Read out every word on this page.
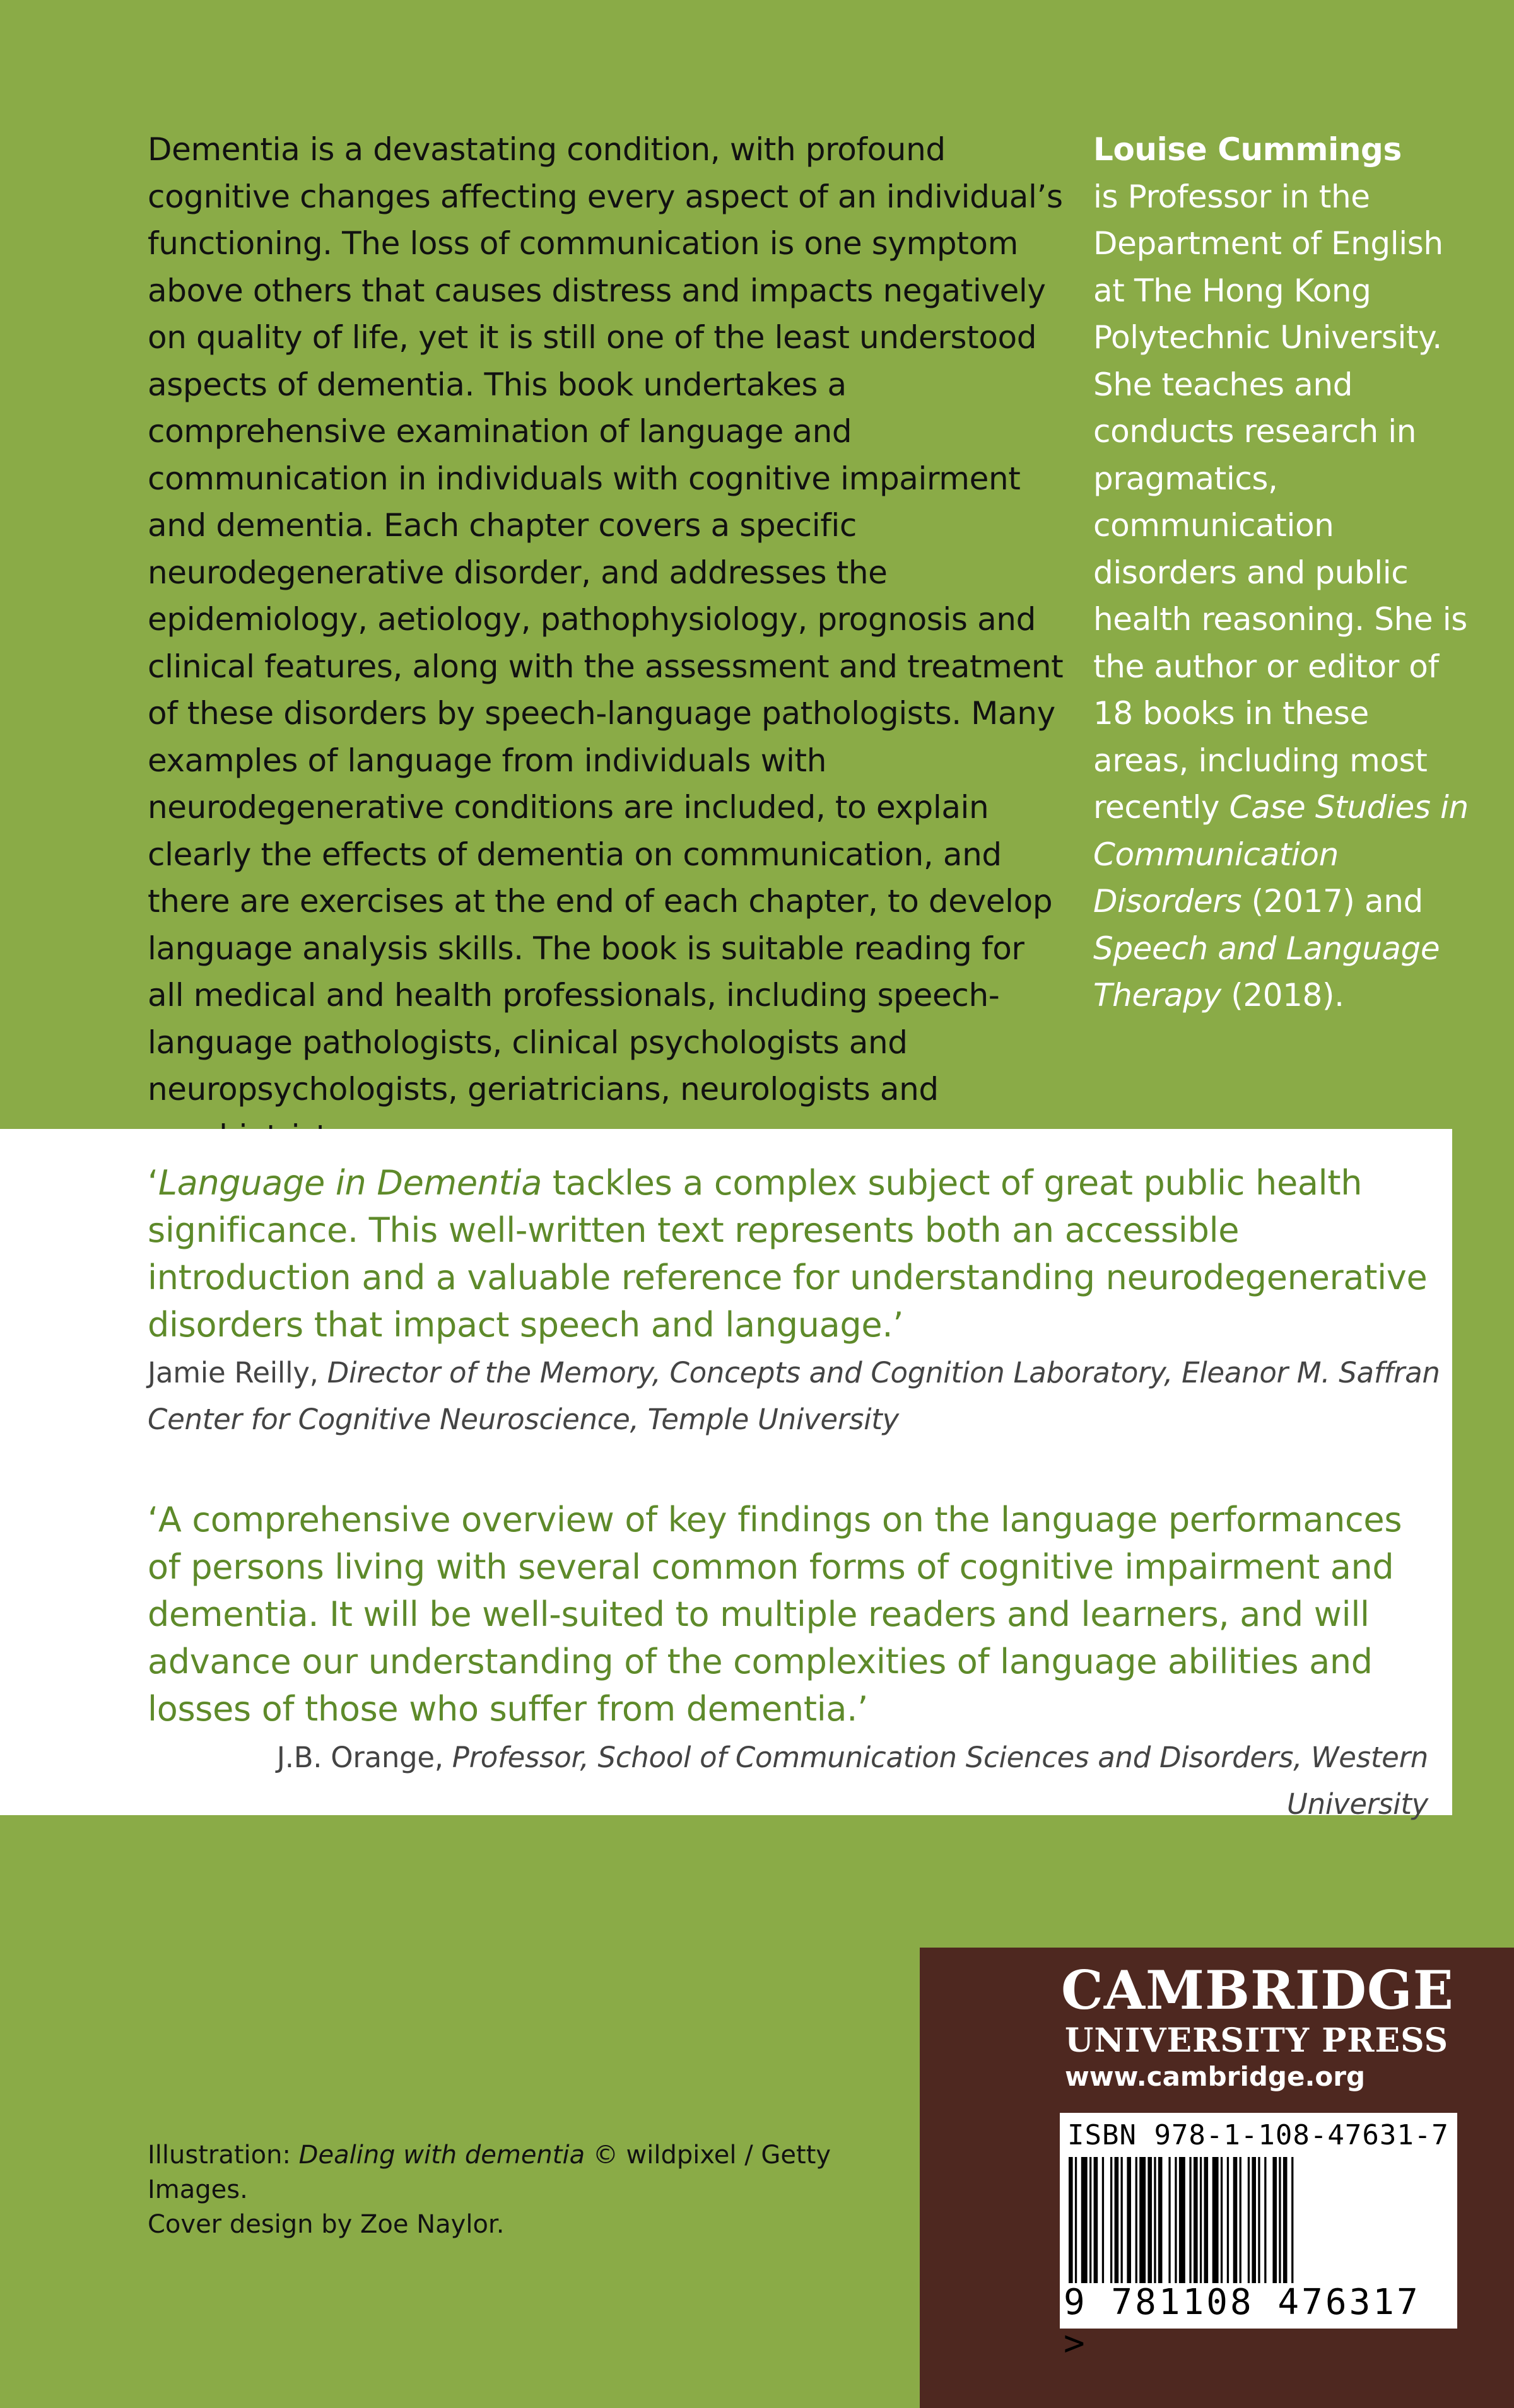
Dementia is a devastating condition, with profound cognitive changes affecting every aspect of an individual’s functioning. The loss of communication is one symptom above others that causes distress and impacts negatively on quality of life, yet it is still one of the least understood aspects of dementia. This book undertakes a comprehensive examination of language and communication in individuals with cognitive impairment and dementia. Each chapter covers a specific neurodegenerative disorder, and addresses the epidemiology, aetiology, pathophysiology, prognosis and clinical features, along with the assessment and treatment of these disorders by speech-language pathologists. Many examples of language from individuals with neurodegenerative conditions are included, to explain clearly the effects of dementia on communication, and there are exercises at the end of each chapter, to develop language analysis skills. The book is suitable reading for all medical and health professionals, including speech-language pathologists, clinical psychologists and neuropsychologists, geriatricians, neurologists and
Louise Cummings
is Professor in the Department of English at The Hong Kong Polytechnic University. She teaches and conducts research in pragmatics, communication disorders and public health reasoning. She is the author or editor of 18 books in these areas, including most recently Case Studies in Communication Disorders (2017) and Speech and Language Therapy (2018).
‘Language in Dementia tackles a complex subject of great public health significance. This well-written text represents both an accessible introduction and a valuable reference for understanding neurodegenerative disorders that impact speech and language.’
Jamie Reilly, Director of the Memory, Concepts and Cognition Laboratory, Eleanor M. Saffran Center for Cognitive Neuroscience, Temple University
‘A comprehensive overview of key findings on the language performances of persons living with several common forms of cognitive impairment and dementia. It will be well-suited to multiple readers and learners, and will advance our understanding of the complexities of language abilities and losses of those who suffer from dementia.’
J.B. Orange, Professor, School of Communication Sciences and Disorders, Western University
Illustration: Dealing with dementia © wildpixel / Getty Images.
Cover design by Zoe Naylor.
CAMBRIDGE
UNIVERSITY PRESS
www.cambridge.org
ISBN 978-1-108-47631-7
9 781108 476317 >
